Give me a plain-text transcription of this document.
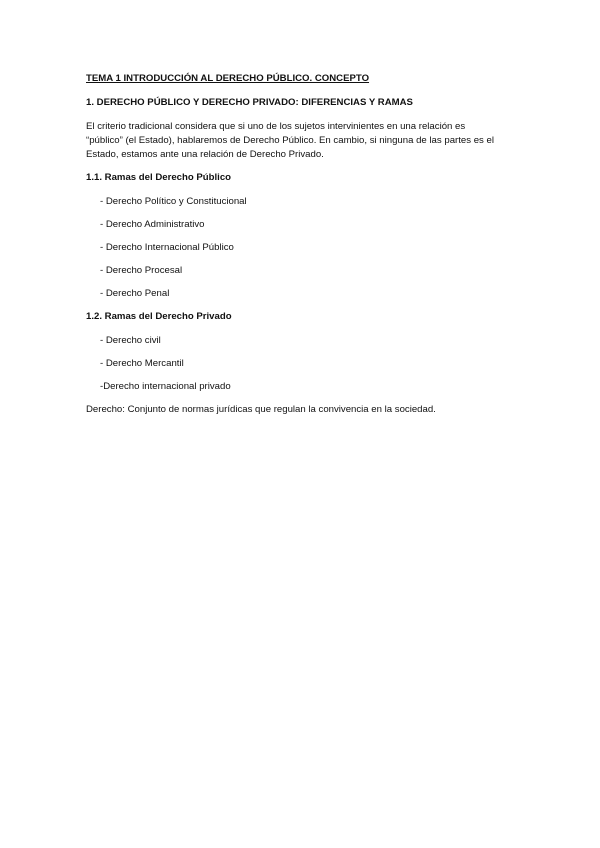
TEMA 1 INTRODUCCIÓN AL DERECHO PÚBLICO. CONCEPTO

1. DERECHO PÚBLICO Y DERECHO PRIVADO: DIFERENCIAS Y RAMAS

El criterio tradicional considera que si uno de los sujetos intervinientes en una relación es
“público” (el Estado), hablaremos de Derecho Público. En cambio, si ninguna de las partes es el
Estado, estamos ante una relación de Derecho Privado.

1.1. Ramas del Derecho Público

- Derecho Político y Constitucional
- Derecho Administrativo
- Derecho Internacional Público
- Derecho Procesal
- Derecho Penal

1.2. Ramas del Derecho Privado

- Derecho civil
- Derecho Mercantil
-Derecho internacional privado

Derecho: Conjunto de normas jurídicas que regulan la convivencia en la sociedad.
